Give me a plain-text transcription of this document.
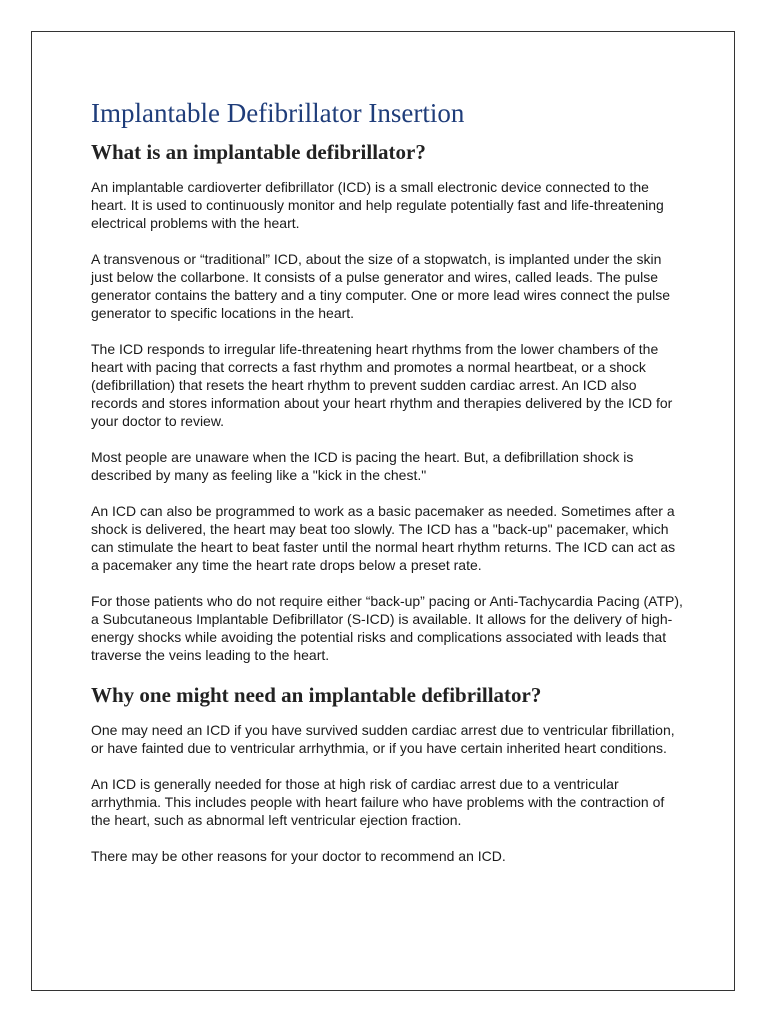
Implantable Defibrillator Insertion
What is an implantable defibrillator?

An implantable cardioverter defibrillator (ICD) is a small electronic device connected to the heart. It is used to continuously monitor and help regulate potentially fast and life-threatening electrical problems with the heart.

A transvenous or “traditional” ICD, about the size of a stopwatch, is implanted under the skin just below the collarbone. It consists of a pulse generator and wires, called leads. The pulse generator contains the battery and a tiny computer. One or more lead wires connect the pulse generator to specific locations in the heart.

The ICD responds to irregular life-threatening heart rhythms from the lower chambers of the heart with pacing that corrects a fast rhythm and promotes a normal heartbeat, or a shock (defibrillation) that resets the heart rhythm to prevent sudden cardiac arrest. An ICD also records and stores information about your heart rhythm and therapies delivered by the ICD for your doctor to review.

Most people are unaware when the ICD is pacing the heart. But, a defibrillation shock is described by many as feeling like a "kick in the chest."

An ICD can also be programmed to work as a basic pacemaker as needed. Sometimes after a shock is delivered, the heart may beat too slowly. The ICD has a "back-up" pacemaker, which can stimulate the heart to beat faster until the normal heart rhythm returns. The ICD can act as a pacemaker any time the heart rate drops below a preset rate.

For those patients who do not require either “back-up” pacing or Anti-Tachycardia Pacing (ATP), a Subcutaneous Implantable Defibrillator (S-ICD) is available. It allows for the delivery of high-energy shocks while avoiding the potential risks and complications associated with leads that traverse the veins leading to the heart.

Why one might need an implantable defibrillator?

One may need an ICD if you have survived sudden cardiac arrest due to ventricular fibrillation, or have fainted due to ventricular arrhythmia, or if you have certain inherited heart conditions.

An ICD is generally needed for those at high risk of cardiac arrest due to a ventricular arrhythmia. This includes people with heart failure who have problems with the contraction of the heart, such as abnormal left ventricular ejection fraction.

There may be other reasons for your doctor to recommend an ICD.
